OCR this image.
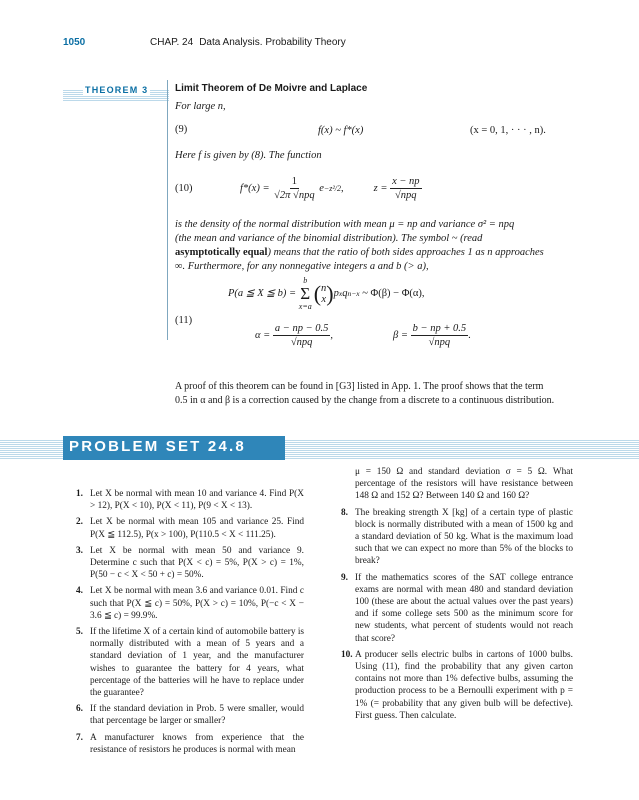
1050	CHAP. 24 Data Analysis. Probability Theory
THEOREM 3	Limit Theorem of De Moivre and Laplace
For large n,
(9)	f(x) ~ f*(x)	(x = 0, 1, · · · , n).
Here f is given by (8). The function
(10)	f*(x) =
$\frac{1}{\text{√2π √npq}}$
e −z²/2 ,	z =
$\frac{x - np}{\text{√npq}}$
is the density of the normal distribution with mean μ = np and variance σ² = npq
(the mean and variance of the binomial distribution). The symbol ~ (read
asymptotically equal) means that the ratio of both sides approaches 1 as n approaches
∞. Furthermore, for any nonnegative integers a and b (> a),
(11)
P(a ≦ X ≦ b) =

b
Σ
x=a
( n
x ) p x q n−x
~ Φ(β) − Φ(α),
α =
$\frac{a - np - 0.5}{\text{√npq}}$ ,	β =
$\frac{b - np + 0.5}{\text{√npq}}$ .
A proof of this theorem can be found in [G3] listed in App. 1. The proof shows that the term
0.5 in α and β is a correction caused by the change from a discrete to a continuous distribution.
PROBLEM SET 24.8
1. Let X be normal with mean 10 and variance 4. Find P(X > 12), P(X < 10), P(X < 11), P(9 < X < 13).
2. Let X be normal with mean 105 and variance 25. Find P(X ≦ 112.5), P(x > 100), P(110.5 < X < 111.25).
3. Let X be normal with mean 50 and variance 9. Determine c such that P(X < c) = 5%, P(X > c) = 1%, P(50 − c < X < 50 + c) = 50%.
4. Let X be normal with mean 3.6 and variance 0.01. Find c such that P(X ≦ c) = 50%, P(X > c) = 10%, P(−c < X − 3.6 ≦ c) = 99.9%.
5. If the lifetime X of a certain kind of automobile battery is normally distributed with a mean of 5 years and a standard deviation of 1 year, and the manufacturer wishes to guarantee the battery for 4 years, what percentage of the batteries will he have to replace under the guarantee?
6. If the standard deviation in Prob. 5 were smaller, would that percentage be larger or smaller?
7. A manufacturer knows from experience that the resistance of resistors he produces is normal with mean
μ = 150 Ω and standard deviation σ = 5 Ω. What percentage of the resistors will have resistance between 148 Ω and 152 Ω? Between 140 Ω and 160 Ω?
8. The breaking strength X [kg] of a certain type of plastic block is normally distributed with a mean of 1500 kg and a standard deviation of 50 kg. What is the maximum load such that we can expect no more than 5% of the blocks to break?
9. If the mathematics scores of the SAT college entrance exams are normal with mean 480 and standard deviation 100 (these are about the actual values over the past years) and if some college sets 500 as the minimum score for new students, what percent of students would not reach that score?
10. A producer sells electric bulbs in cartons of 1000 bulbs. Using (11), find the probability that any given carton contains not more than 1% defective bulbs, assuming the production process to be a Bernoulli experiment with p = 1% (= probability that any given bulb will be defective). First guess. Then calculate.
